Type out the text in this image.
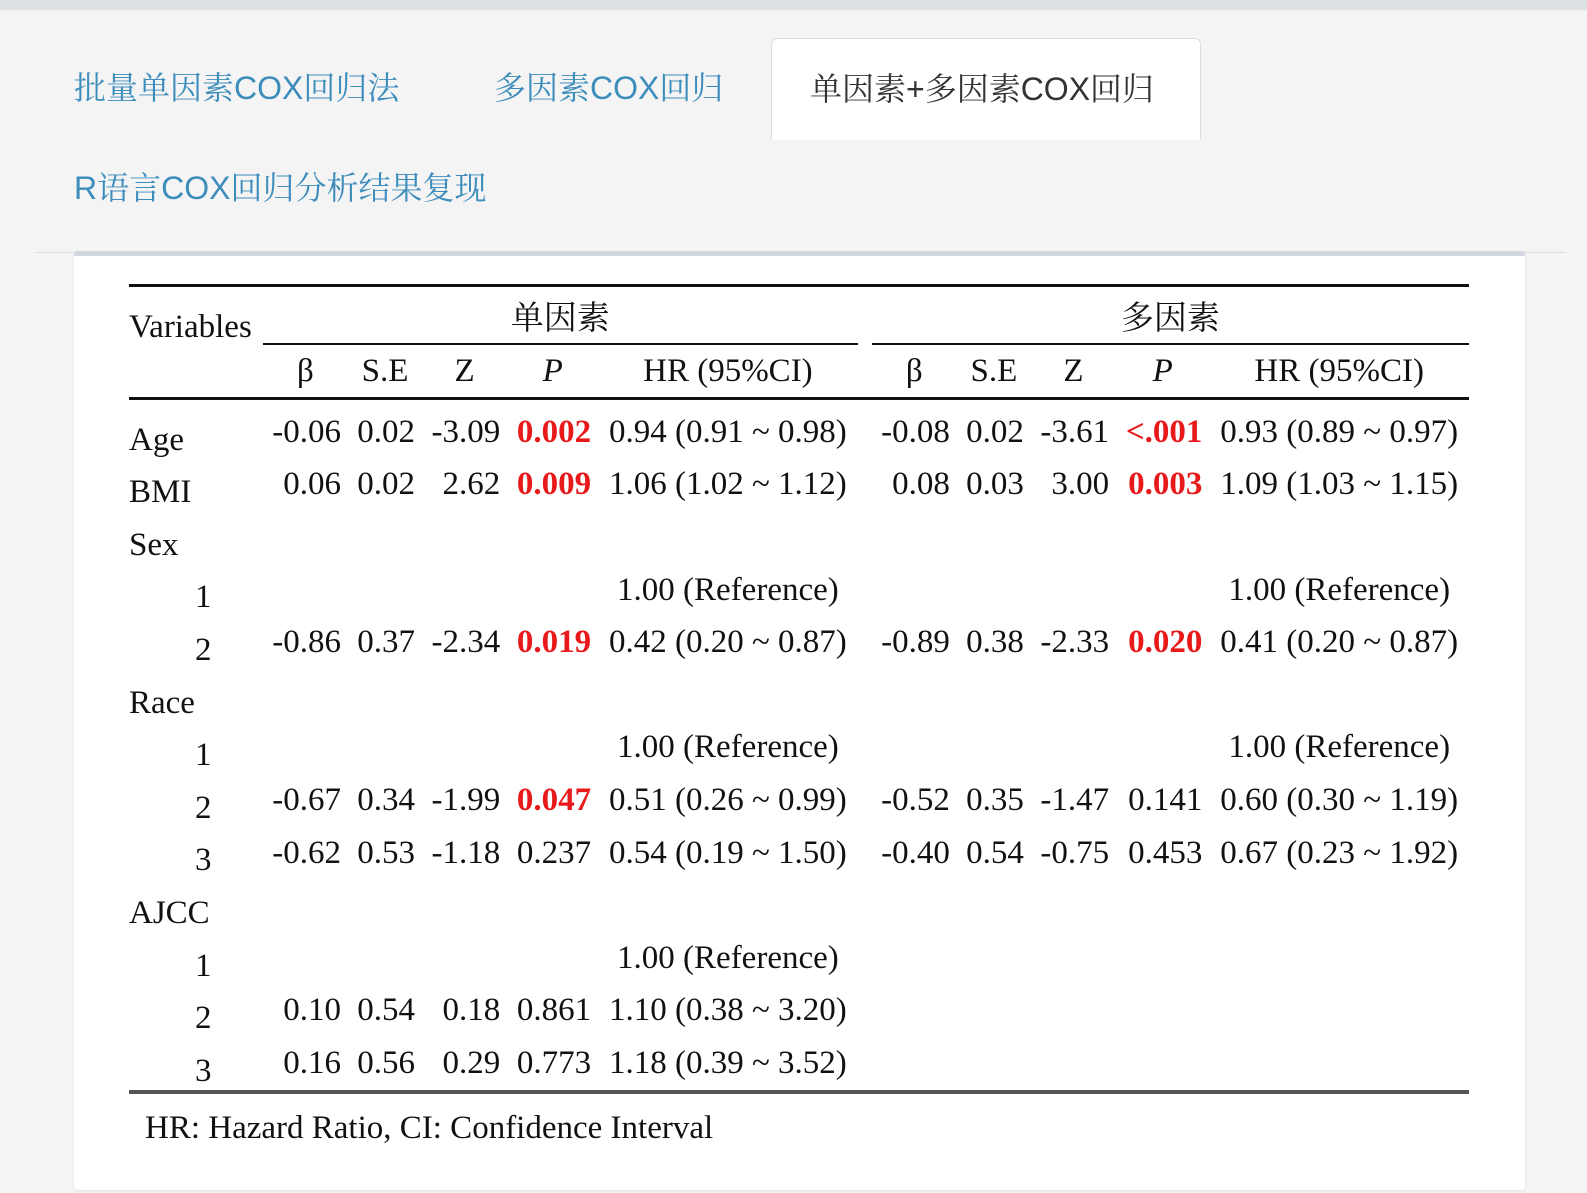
批量单因素COX回归法	多因素COX回归	单因素+多因素COX回归
R语言COX回归分析结果复现
Variables	单因素						多因素				
	β	S.E	Z	P	HR (95%CI)		β	S.E	Z	P	HR (95%CI)
Age	-0.06	0.02	-3.09	0.002	0.94 (0.91 ~ 0.98)		-0.08	0.02	-3.61	<.001	0.93 (0.89 ~ 0.97)
BMI	0.06	0.02	2.62	0.009	1.06 (1.02 ~ 1.12)		0.08	0.03	3.00	0.003	1.09 (1.03 ~ 1.15)
Sex											
1					1.00 (Reference)						1.00 (Reference)
2	-0.86	0.37	-2.34	0.019	0.42 (0.20 ~ 0.87)		-0.89	0.38	-2.33	0.020	0.41 (0.20 ~ 0.87)
Race											
1					1.00 (Reference)						1.00 (Reference)
2	-0.67	0.34	-1.99	0.047	0.51 (0.26 ~ 0.99)		-0.52	0.35	-1.47	0.141	0.60 (0.30 ~ 1.19)
3	-0.62	0.53	-1.18	0.237	0.54 (0.19 ~ 1.50)		-0.40	0.54	-0.75	0.453	0.67 (0.23 ~ 1.92)
AJCC											
1					1.00 (Reference)						
2	0.10	0.54	0.18	0.861	1.10 (0.38 ~ 3.20)						
3	0.16	0.56	0.29	0.773	1.18 (0.39 ~ 3.52)						
HR: Hazard Ratio, CI: Confidence Interval
